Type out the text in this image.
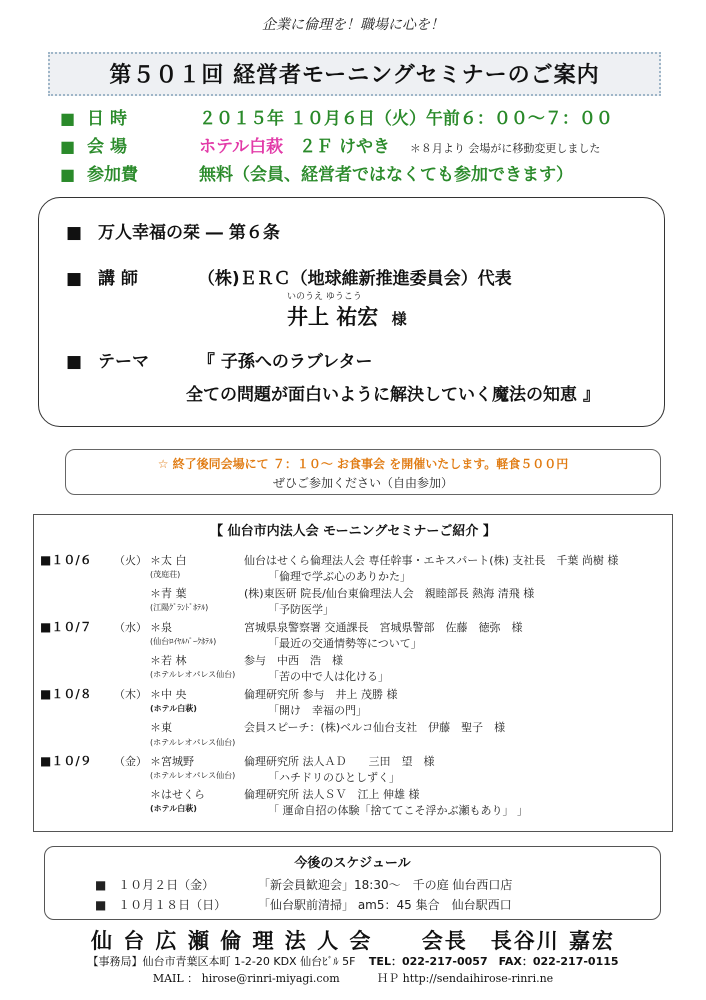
企業に倫理を！職場に心を！
第５０１回 経営者モーニングセミナーのご案内
■ 日 時	２０１５年 １０月６日（火）午前６：００～７：００
■ 会 場	ホテル白萩 ２Ｆ けやき ＊８月より 会場がに移動変更しました
■ 参加費	無料（会員、経営者ではなくても参加できます）
■ 万人幸福の栞 ― 第６条
■ 講 師	（株)ＥＲＣ（地球維新推進委員会）代表
いのうえ ゆうこう
井上 祐宏 様
■ テーマ	『 子孫へのラブレター
全ての問題が面白いように解決していく魔法の知恵 』
☆ 終了後同会場にて ７：１０～ お食事会 を開催いたします。軽食５００円
ぜひご参加ください（自由参加）
【 仙台市内法人会 モーニングセミナーご紹介 】
■１０/６ （火） ＊太 白	仙台はせくら倫理法人会 専任幹事・エキスパート(株) 支社長　千葉 尚樹 様
(茂庭荘)	「倫理で学ぶ心のありかた」
＊青 葉	(株)東医研 院長/仙台東倫理法人会　親睦部長 熱海 清飛 様
(江陽ｸﾞﾗﾝﾄﾞﾎﾃﾙ)	「予防医学」
■１０/７ （水） ＊泉	宮城県泉警察署 交通課長　宮城県警部　佐藤　徳弥　様
(仙台ﾛｲﾔﾙﾊﾟｰｸﾎﾃﾙ)	「最近の交通情勢等について」
＊若 林	参与　中西　浩　様
(ホテルレオパレス仙台)	「苦の中で人は化ける」
■１０/８ （木） ＊中 央	倫理研究所 参与　井上 茂勝 様
(ホテル白萩)	「開け　幸福の門」
＊東	会員スピーチ：(株)ベルコ仙台支社　伊藤　聖子　様
(ホテルレオパレス仙台)
■１０/９ （金） ＊宮城野	倫理研究所 法人ＡＤ　　三田　望　様
(ホテルレオパレス仙台)	「ハチドリのひとしずく」
＊はせくら	倫理研究所 法人ＳＶ　江上 伸雄 様
(ホテル白萩)	「 運命自招の体験「捨ててこそ浮かぶ瀬もあり」 」
今後のスケジュール
■ １０月２日（金）	「新会員歓迎会」18:30～　千の庭 仙台西口店
■ １０月１８日（日）	「仙台駅前清掃」 am5：45 集合　仙台駅西口
仙 台 広 瀬 倫 理 法 人 会 会長　長谷川 嘉宏
【事務局】仙台市青葉区本町 1-2-20 KDX 仙台ﾋﾞﾙ 5F TEL：022-217-0057　FAX：022-217-0115
MAIL ： hirose@rinri-miyagi.com	ＨＰ http://sendaihirose-rinri.ne
